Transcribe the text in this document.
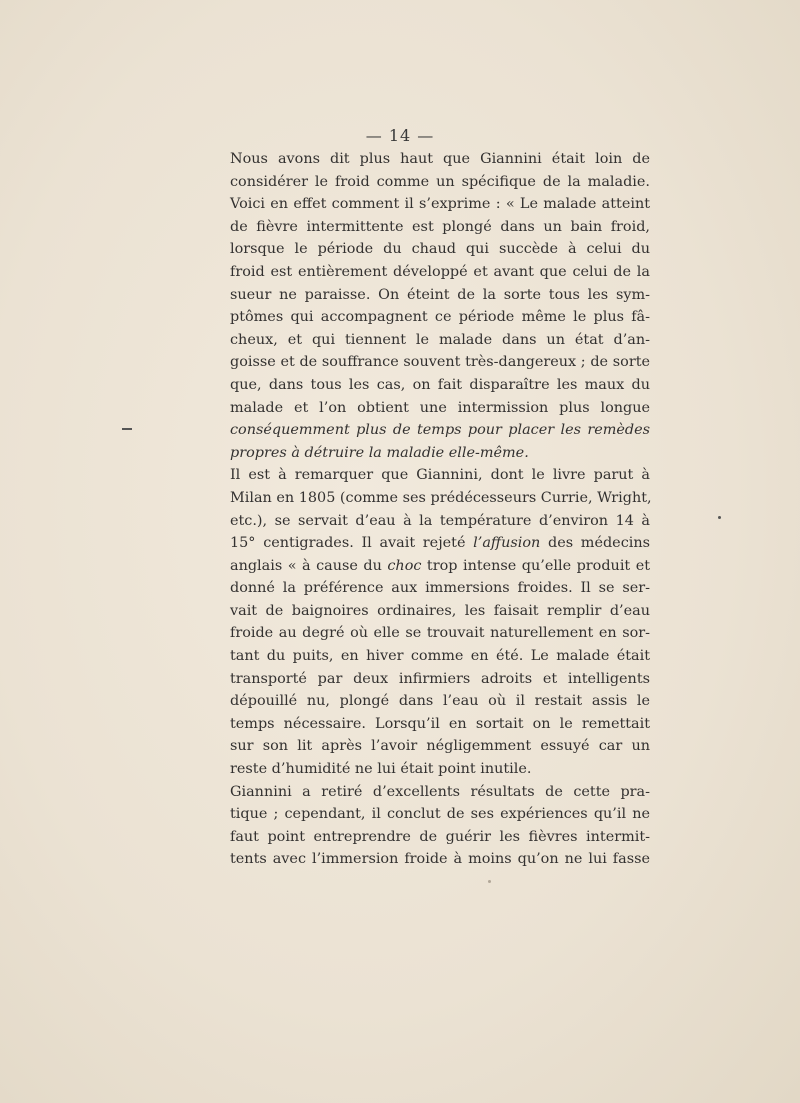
— 14 —
Nous avons dit plus haut que Giannini était loin de
considérer le froid comme un spécifique de la maladie.
Voici en effet comment il s’exprime : « Le malade atteint
de fièvre intermittente est plongé dans un bain froid,
lorsque le période du chaud qui succède à celui du
froid est entièrement développé et avant que celui de la
sueur ne paraisse. On éteint de la sorte tous les sym-
ptômes qui accompagnent ce période même le plus fâ-
cheux, et qui tiennent le malade dans un état d’an-
goisse et de souffrance souvent très-dangereux ; de sorte
que, dans tous les cas, on fait disparaître les maux du
malade et l’on obtient une intermission plus longue
conséquemment plus de temps pour placer les remèdes
propres à détruire la maladie elle-même.
Il est à remarquer que Giannini, dont le livre parut à
Milan en 1805 (comme ses prédécesseurs Currie, Wright,
etc.), se servait d’eau à la température d’environ 14 à
15° centigrades. Il avait rejeté l’affusion des médecins
anglais « à cause du choc trop intense qu’elle produit et
donné la préférence aux immersions froides. Il se ser-
vait de baignoires ordinaires, les faisait remplir d’eau
froide au degré où elle se trouvait naturellement en sor-
tant du puits, en hiver comme en été. Le malade était
transporté par deux infirmiers adroits et intelligents
dépouillé nu, plongé dans l’eau où il restait assis le
temps nécessaire. Lorsqu’il en sortait on le remettait
sur son lit après l’avoir négligemment essuyé car un
reste d’humidité ne lui était point inutile.
Giannini a retiré d’excellents résultats de cette pra-
tique ; cependant, il conclut de ses expériences qu’il ne
faut point entreprendre de guérir les fièvres intermit-
tents avec l’immersion froide à moins qu’on ne lui fasse
